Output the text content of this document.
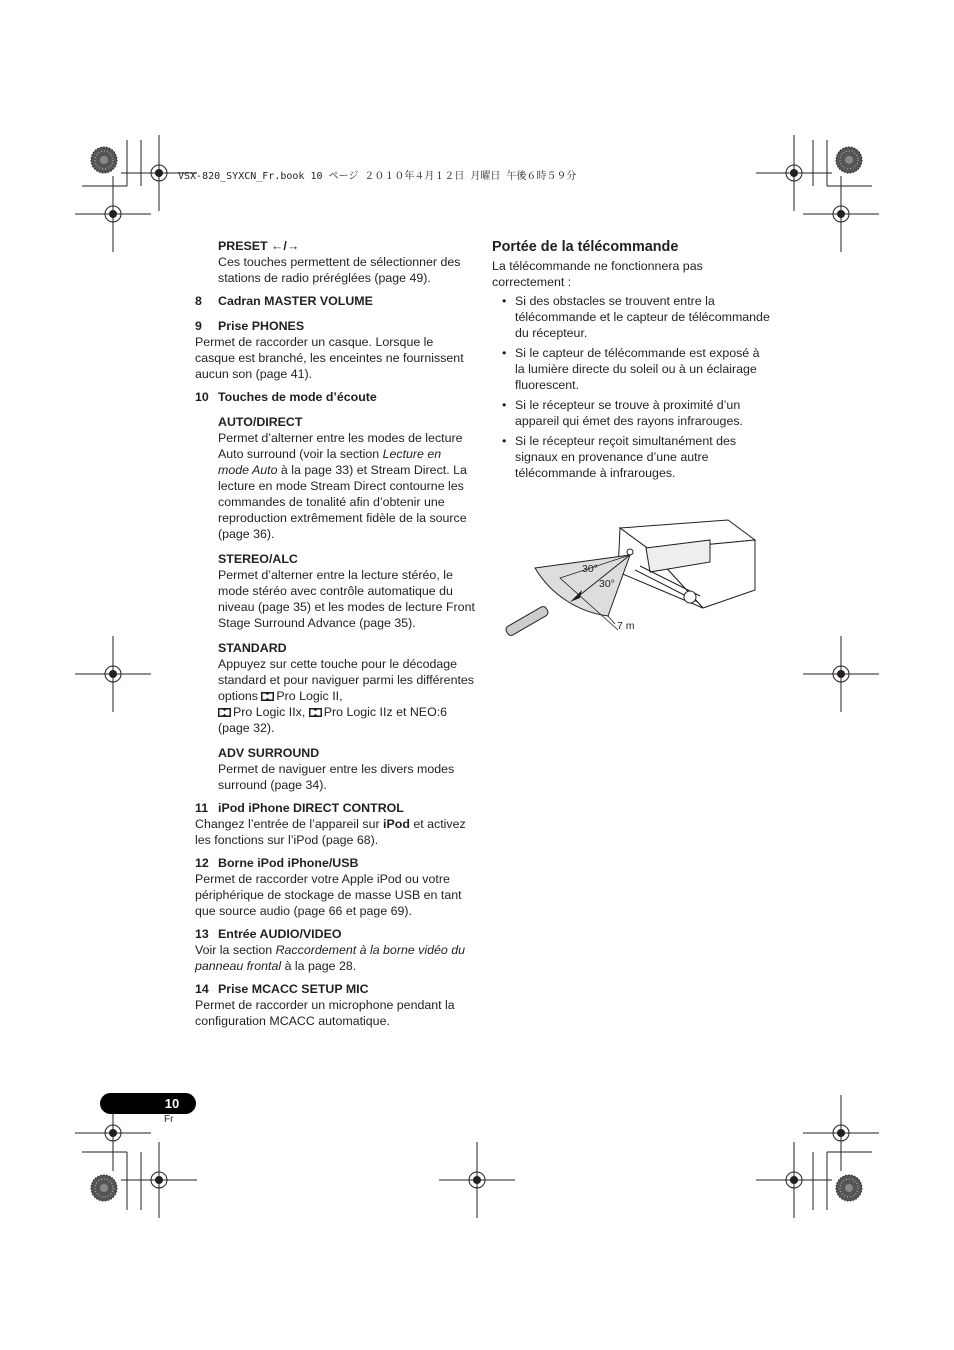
VSX-820_SYXCN_Fr.book 10 ページ ２０１０年４月１２日 月曜日 午後６時５９分

PRESET ←/→

Ces touches permettent de sélectionner des stations de radio préréglées (page 49).

8 Cadran MASTER VOLUME

9 Prise PHONES

Permet de raccorder un casque. Lorsque le casque est branché, les enceintes ne fournissent aucun son (page 41).

10 Touches de mode d’écoute

AUTO/DIRECT

Permet d’alterner entre les modes de lecture Auto surround (voir la section Lecture en mode Auto à la page 33) et Stream Direct. La lecture en mode Stream Direct contourne les commandes de tonalité afin d’obtenir une reproduction extrêmement fidèle de la source (page 36).

STEREO/ALC

Permet d’alterner entre la lecture stéréo, le mode stéréo avec contrôle automatique du niveau (page 35) et les modes de lecture Front Stage Surround Advance (page 35).

STANDARD

Appuyez sur cette touche pour le décodage standard et pour naviguer parmi les différentes options Pro Logic II,
Pro Logic IIx, Pro Logic IIz et NEO:6
(page 32).

ADV SURROUND

Permet de naviguer entre les divers modes surround (page 34).

11 iPod iPhone DIRECT CONTROL

Changez l’entrée de l’appareil sur iPod et activez les fonctions sur l’iPod (page 68).

12 Borne iPod iPhone/USB

Permet de raccorder votre Apple iPod ou votre périphérique de stockage de masse USB en tant que source audio (page 66 et page 69).

13 Entrée AUDIO/VIDEO

Voir la section Raccordement à la borne vidéo du panneau frontal à la page 28.

14 Prise MCACC SETUP MIC

Permet de raccorder un microphone pendant la configuration MCACC automatique.

Portée de la télécommande

La télécommande ne fonctionnera pas correctement :

• Si des obstacles se trouvent entre la télécommande et le capteur de télécommande du récepteur.
• Si le capteur de télécommande est exposé à la lumière directe du soleil ou à un éclairage fluorescent.
• Si le récepteur se trouve à proximité d’un appareil qui émet des rayons infrarouges.
• Si le récepteur reçoit simultanément des signaux en provenance d’une autre télécommande à infrarouges.
30°
30°
7 m
10
Fr
